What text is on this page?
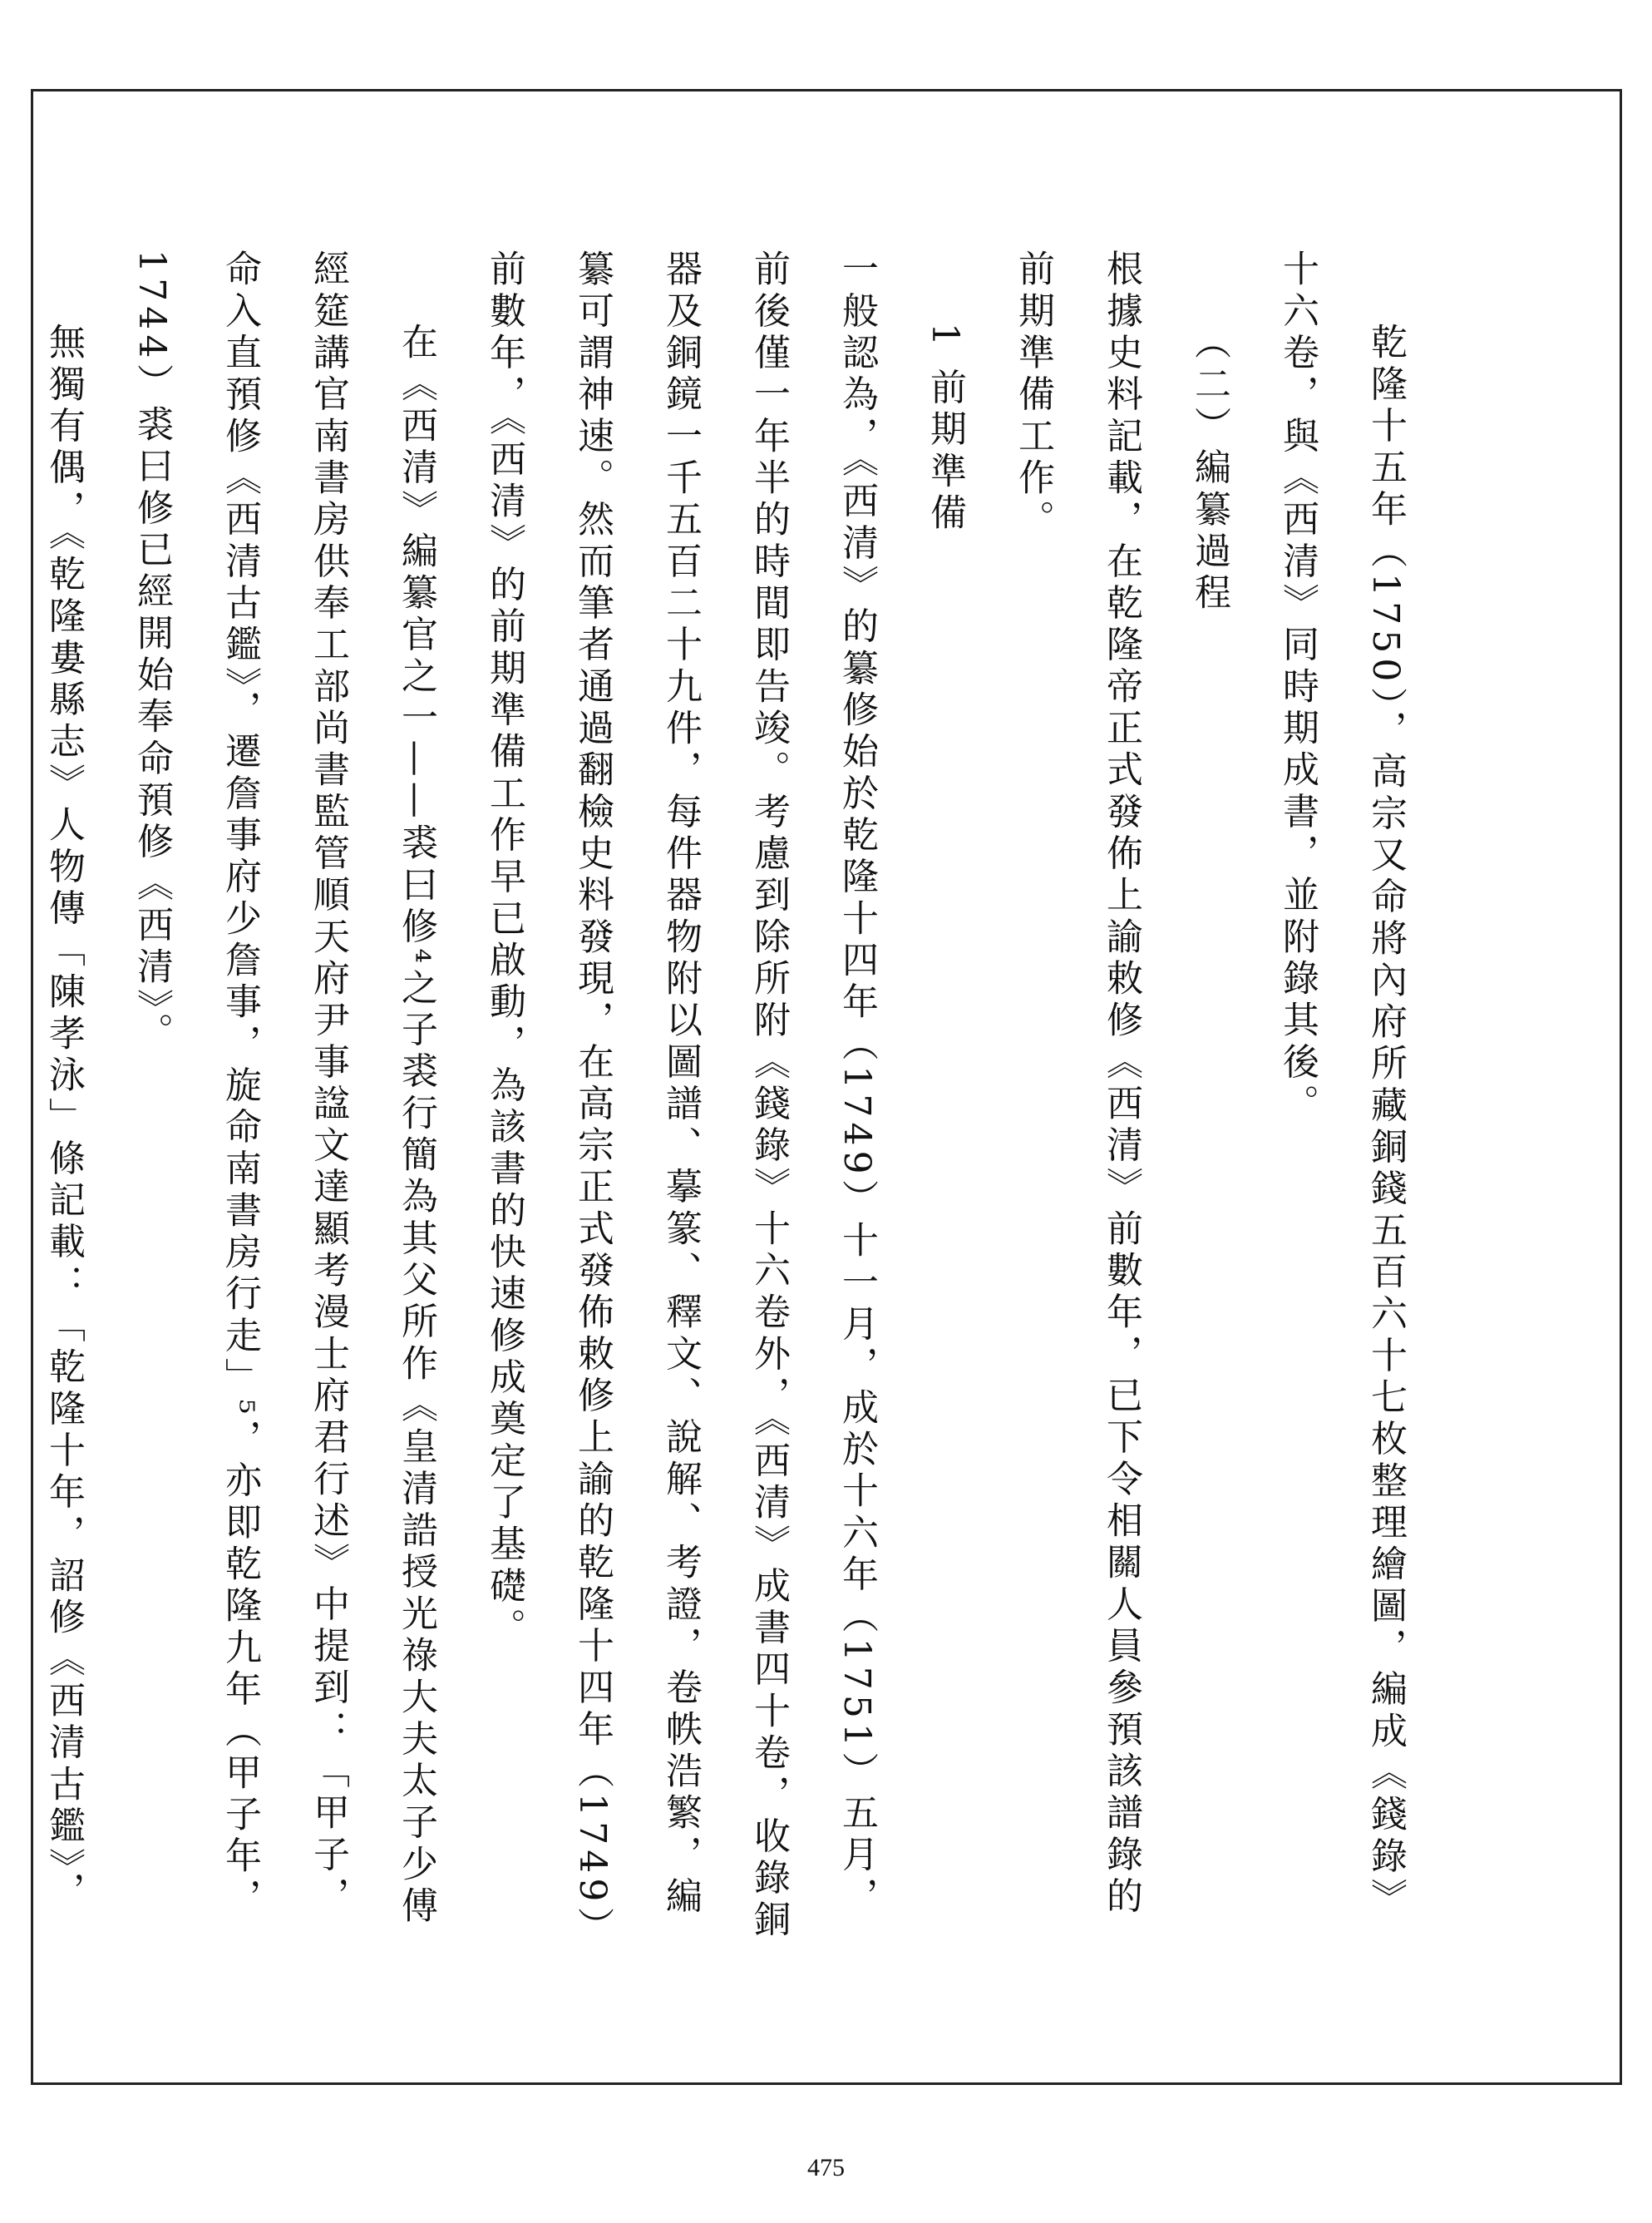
乾隆十五年（1750），高宗又命將內府所藏銅錢五百六十七枚整理繪圖，編成《錢錄》十六卷，與《西清》同時期成書，並附錄其後。

（二）編纂過程

根據史料記載，在乾隆帝正式發佈上諭敕修《西清》前數年，已下令相關人員參預該譜錄的前期準備工作。

1 前期準備

一般認為，《西清》的纂修始於乾隆十四年（1749）十一月，成於十六年（1751）五月，前後僅一年半的時間即告竣。考慮到除所附《錢錄》十六卷外，《西清》成書四十卷，收錄銅器及銅鏡一千五百二十九件，每件器物附以圖譜、摹篆、釋文、說解、考證，卷帙浩繁，編纂可謂神速。然而筆者通過翻檢史料發現，在高宗正式發佈敕修上諭的乾隆十四年（1749）前數年，《西清》的前期準備工作早已啟動，為該書的快速修成奠定了基礎。

在《西清》編纂官之一——裘曰修⁴之子裘行簡為其父所作《皇清誥授光祿大夫太子少傅經筵講官南書房供奉工部尚書監管順天府尹事諡文達顯考漫士府君行述》中提到：「甲子，命入直預修《西清古鑑》，遷詹事府少詹事，旋命南書房行走」⁵，亦即乾隆九年（甲子年，1744）裘曰修已經開始奉命預修《西清》。

無獨有偶，《乾隆婁縣志》人物傳「陳孝泳」條記載：「乾隆十年，詔修《西清古鑑》，

475
